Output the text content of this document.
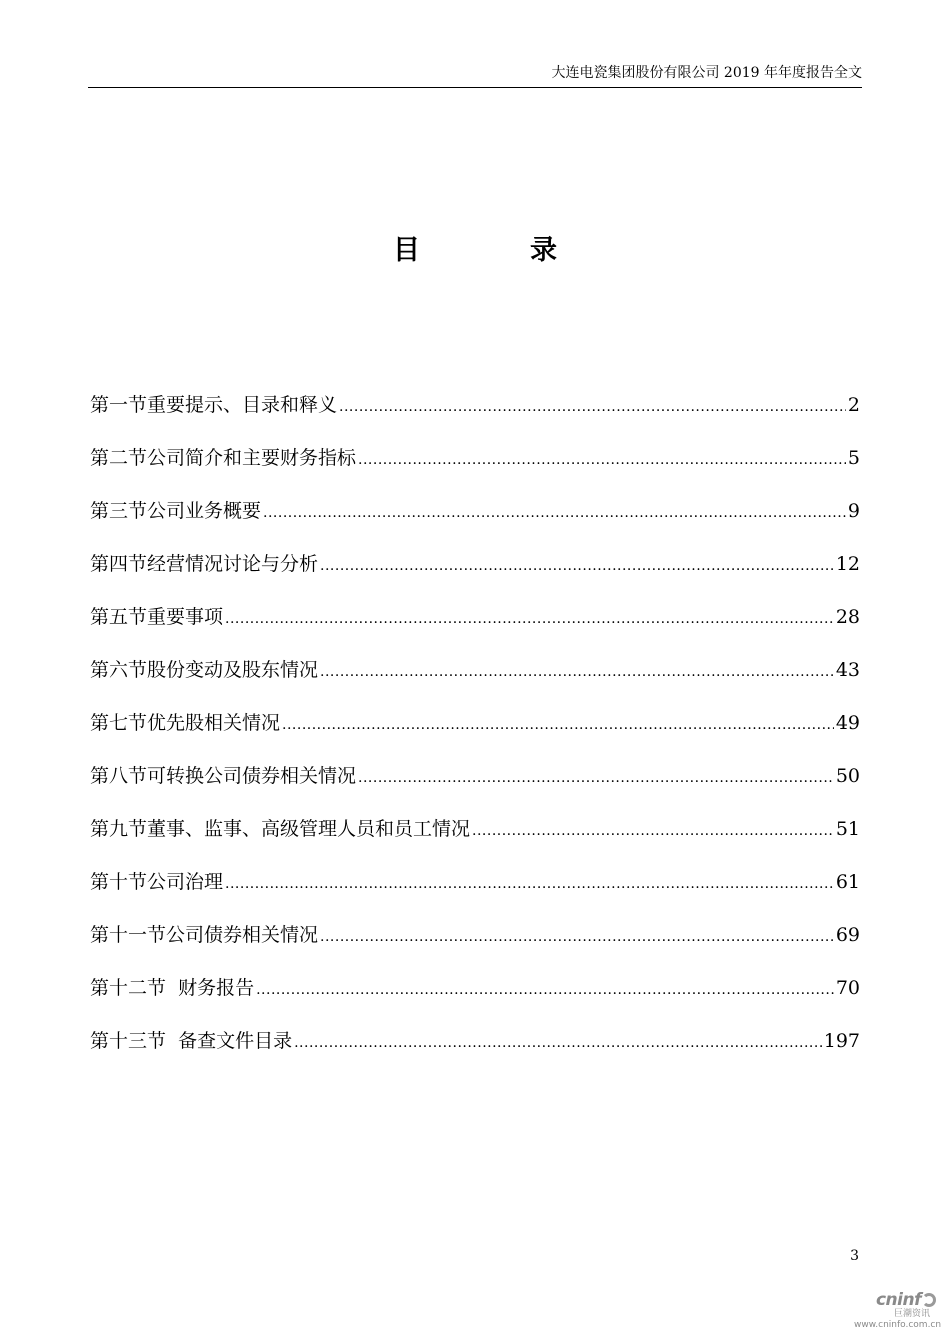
大连电瓷集团股份有限公司 2019 年年度报告全文
目	录
第一节重要提示、目录和释义 .....	2
第二节公司简介和主要财务指标 .....	5
第三节公司业务概要 .....	9
第四节经营情况讨论与分析 .....	12
第五节重要事项 .....	28
第六节股份变动及股东情况 .....	43
第七节优先股相关情况 .....	49
第八节可转换公司债券相关情况 .....	50
第九节董事、监事、高级管理人员和员工情况 .....	51
第十节公司治理 .....	61
第十一节公司债券相关情况 .....	69
第十二节  财务报告 .....	70
第十三节  备查文件目录 .....	197
3
cninf
巨潮资讯
www.cninfo.com.cn
